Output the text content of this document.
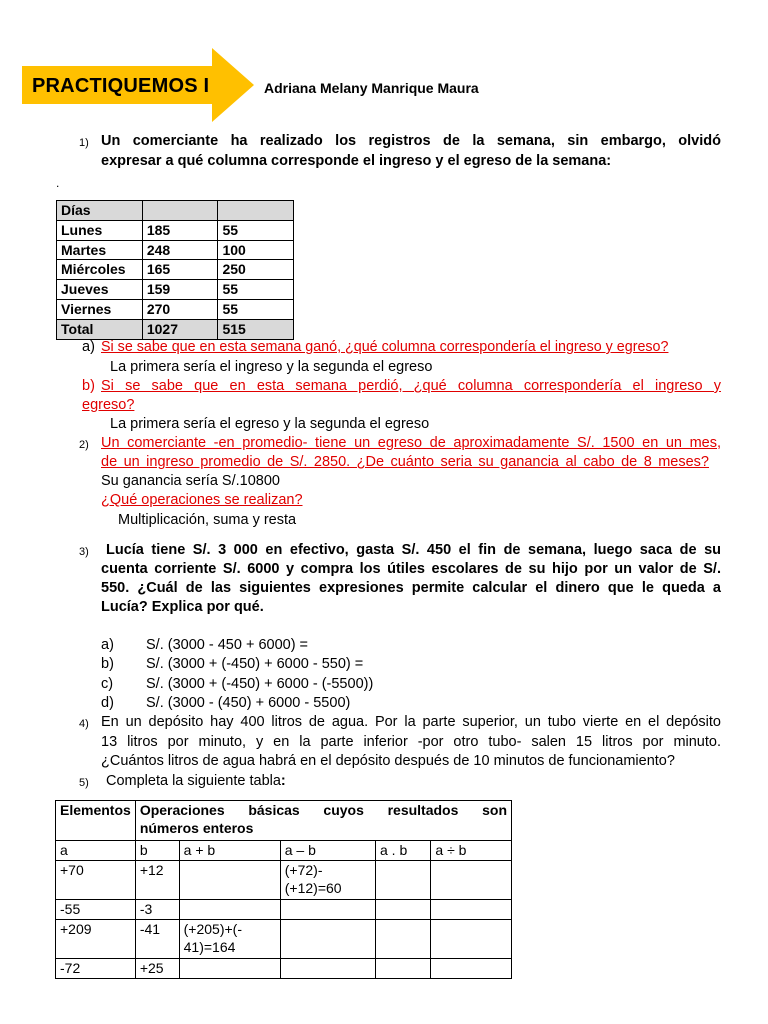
PRACTIQUEMOS I	Adriana Melany Manrique Maura
1) Un comerciante ha realizado los registros de la semana, sin embargo, olvidó
expresar a qué columna corresponde el ingreso y el egreso de la semana:
.
Días		
Lunes	185	55
Martes	248	100
Miércoles	165	250
Jueves	159	55
Viernes	270	55
Total	1027	515
a) Si se sabe que en esta semana ganó, ¿qué columna correspondería el ingreso y egreso?
La primera sería el ingreso y la segunda el egreso
b) Si se sabe que en esta semana perdió, ¿qué columna correspondería el ingreso y
egreso?
La primera sería el egreso y la segunda el egreso
2) Un comerciante -en promedio- tiene un egreso de aproximadamente S/. 1500 en un mes,
de un ingreso promedio de S/. 2850. ¿De cuánto seria su ganancia al cabo de 8 meses?
Su ganancia sería S/.10800
¿Qué operaciones se realizan?
Multiplicación, suma y resta
3) Lucía tiene S/. 3 000 en efectivo, gasta S/. 450 el fin de semana, luego saca de su
cuenta corriente S/. 6000 y compra los útiles escolares de su hijo por un valor de S/.
550. ¿Cuál de las siguientes expresiones permite calcular el dinero que le queda a
Lucía? Explica por qué.
a) S/. (3000 - 450 + 6000) =
b) S/. (3000 + (-450) + 6000 - 550) =
c) S/. (3000 + (-450) + 6000 - (-5500))
d) S/. (3000 - (450) + 6000 - 5500)
4) En un depósito hay 400 litros de agua. Por la parte superior, un tubo vierte en el depósito
13 litros por minuto, y en la parte inferior -por otro tubo- salen 15 litros por minuto.
¿Cuántos litros de agua habrá en el depósito después de 10 minutos de funcionamiento?
5) Completa la siguiente tabla:
Elementos	Operaciones básicas cuyos resultados son
números enteros				

a	b	a + b	a – b	a . b	a ÷ b
+70	+12		(+72)-
(+12)=60		

-55	-3		

+209	-41	(+205)+(-
41)=164			

-72	+25		
